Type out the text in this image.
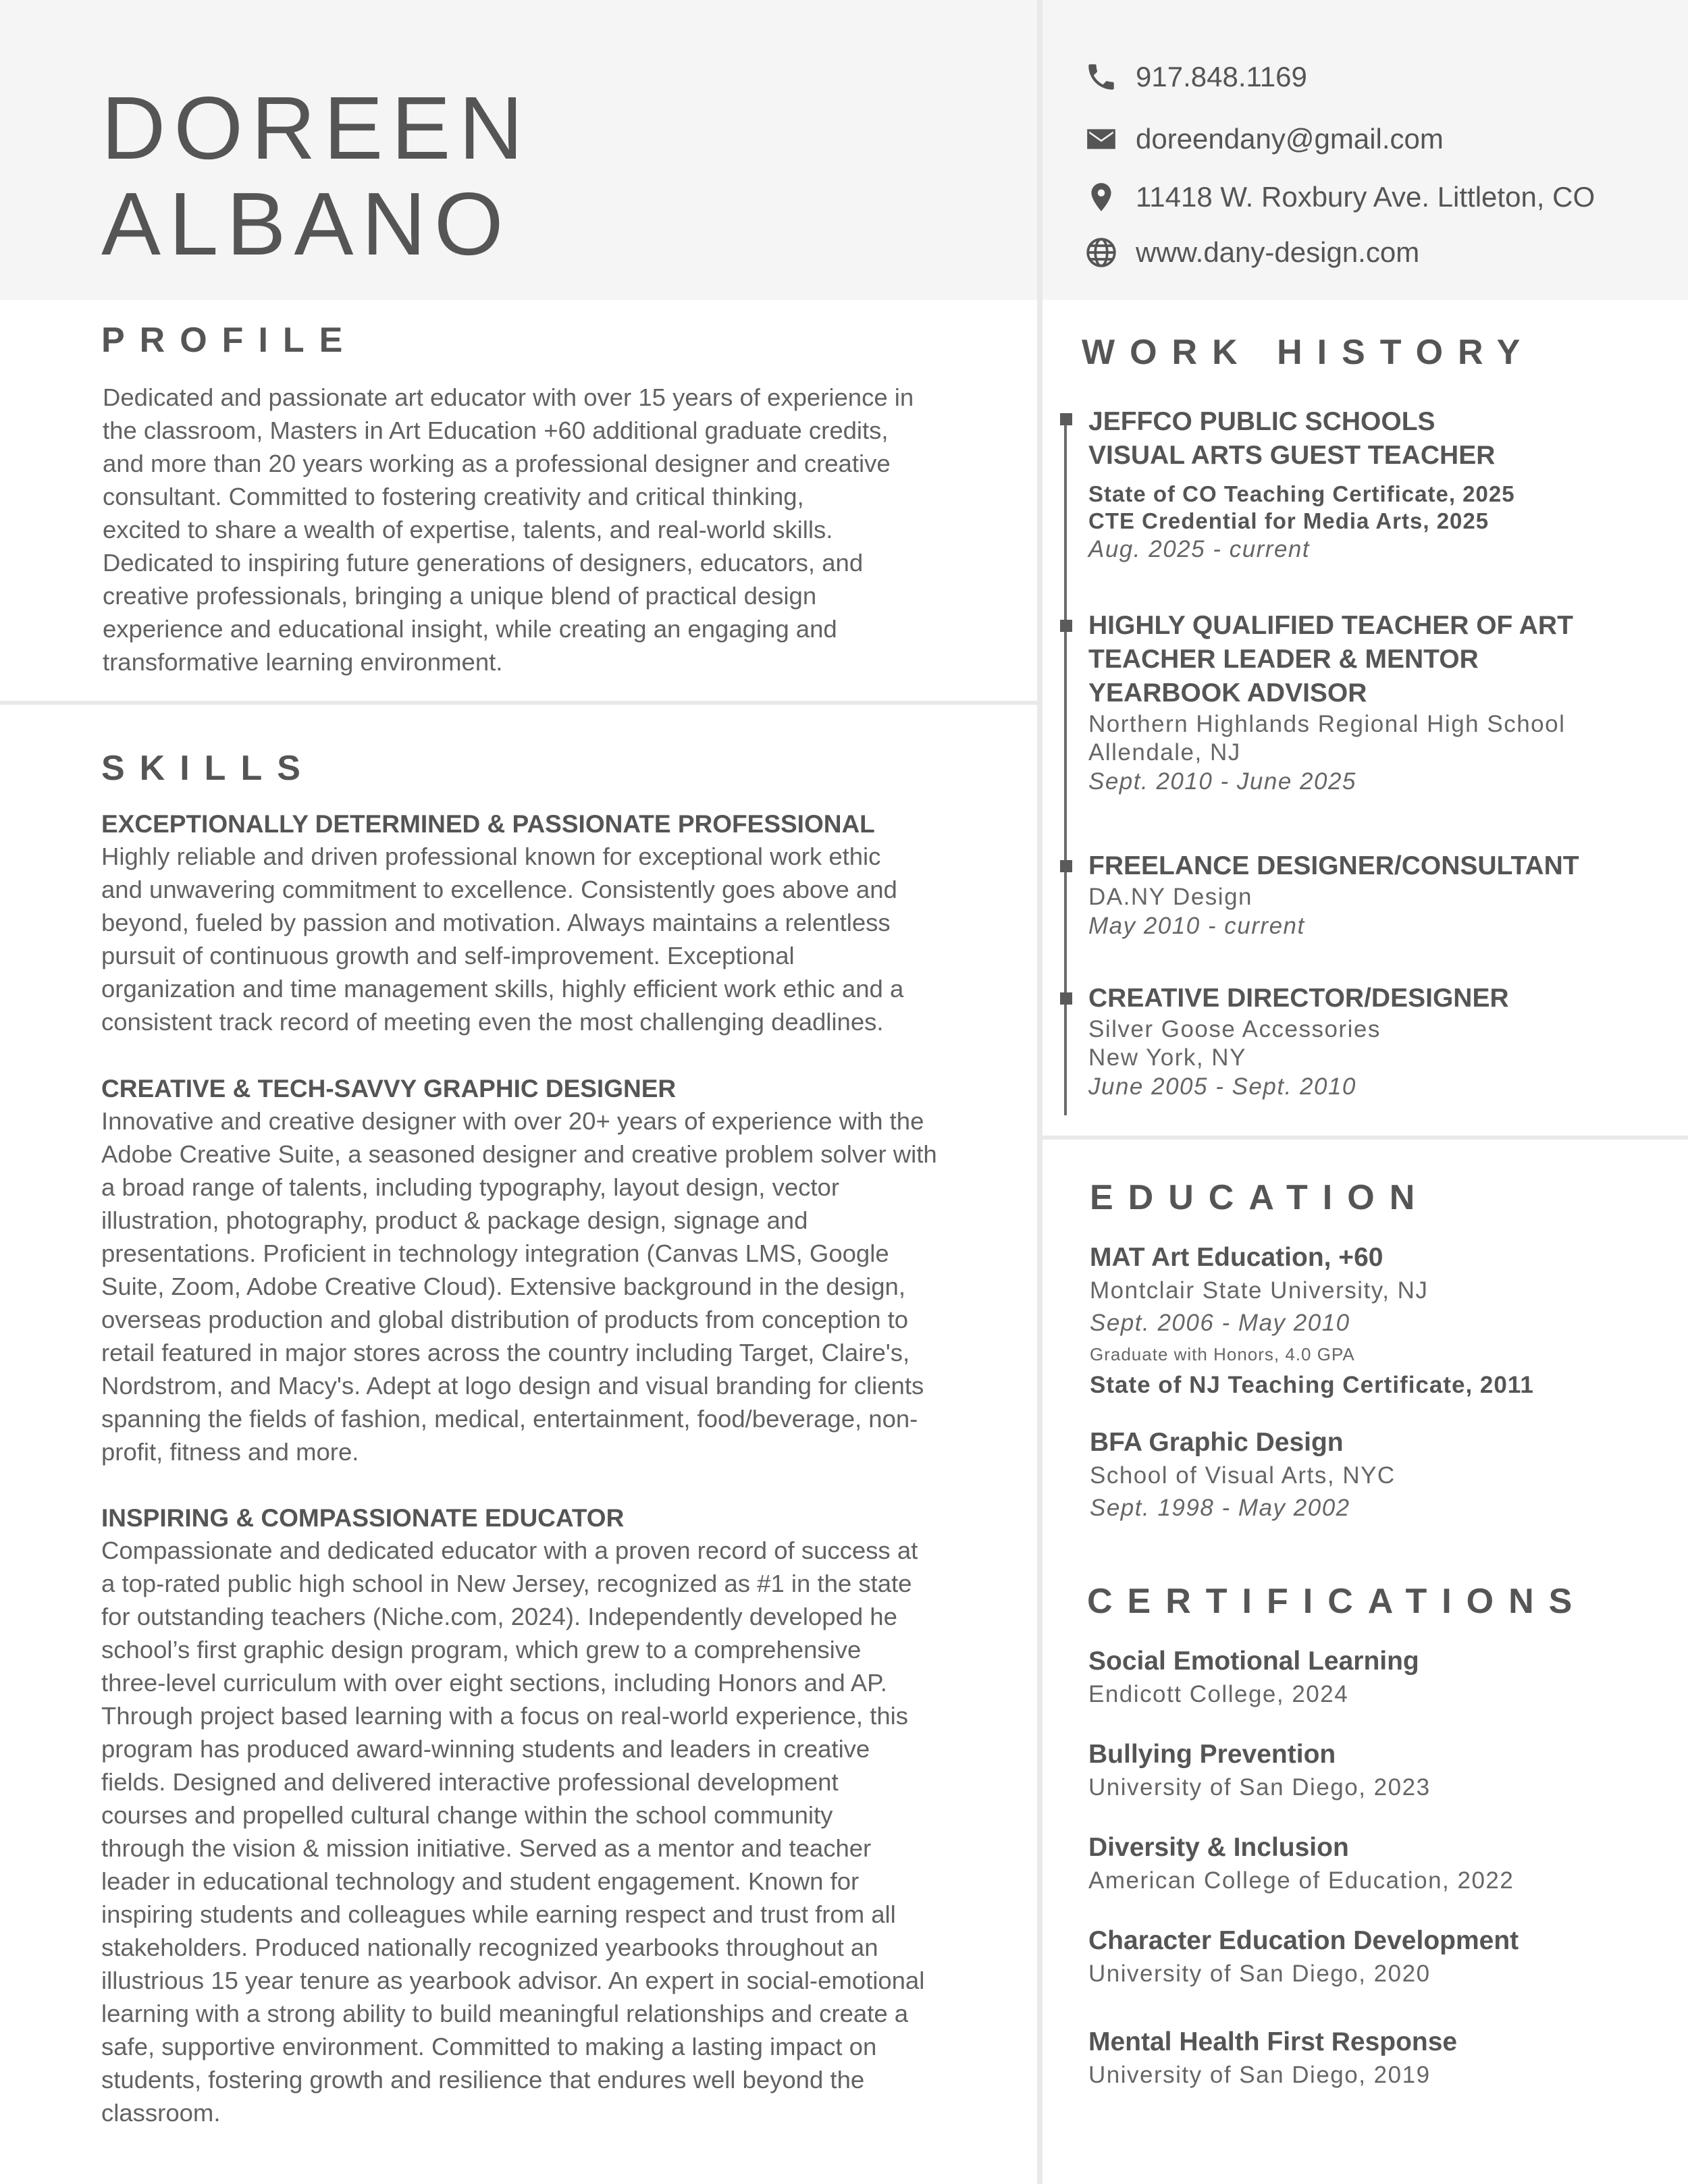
DOREEN
ALBANO
917.848.1169
doreendany@gmail.com
11418 W. Roxbury Ave. Littleton, CO
www.dany-design.com
PROFILE
Dedicated and passionate art educator with over 15 years of experience in
the classroom, Masters in Art Education +60 additional graduate credits,
and more than 20 years working as a professional designer and creative
consultant. Committed to fostering creativity and critical thinking,
excited to share a wealth of expertise, talents, and real-world skills.
Dedicated to inspiring future generations of designers, educators, and
creative professionals, bringing a unique blend of practical design
experience and educational insight, while creating an engaging and
transformative learning environment.
SKILLS
EXCEPTIONALLY DETERMINED & PASSIONATE PROFESSIONAL
Highly reliable and driven professional known for exceptional work ethic
and unwavering commitment to excellence. Consistently goes above and
beyond, fueled by passion and motivation. Always maintains a relentless
pursuit of continuous growth and self-improvement. Exceptional
organization and time management skills, highly efficient work ethic and a
consistent track record of meeting even the most challenging deadlines.
CREATIVE & TECH-SAVVY GRAPHIC DESIGNER
Innovative and creative designer with over 20+ years of experience with the
Adobe Creative Suite, a seasoned designer and creative problem solver with
a broad range of talents, including typography, layout design, vector
illustration, photography, product & package design, signage and
presentations. Proficient in technology integration (Canvas LMS, Google
Suite, Zoom, Adobe Creative Cloud). Extensive background in the design,
overseas production and global distribution of products from conception to
retail featured in major stores across the country including Target, Claire's,
Nordstrom, and Macy's. Adept at logo design and visual branding for clients
spanning the fields of fashion, medical, entertainment, food/beverage, non-
profit, fitness and more.
INSPIRING & COMPASSIONATE EDUCATOR
Compassionate and dedicated educator with a proven record of success at
a top-rated public high school in New Jersey, recognized as #1 in the state
for outstanding teachers (Niche.com, 2024). Independently developed he
school’s first graphic design program, which grew to a comprehensive
three-level curriculum with over eight sections, including Honors and AP.
Through project based learning with a focus on real-world experience, this
program has produced award-winning students and leaders in creative
fields. Designed and delivered interactive professional development
courses and propelled cultural change within the school community
through the vision & mission initiative. Served as a mentor and teacher
leader in educational technology and student engagement. Known for
inspiring students and colleagues while earning respect and trust from all
stakeholders. Produced nationally recognized yearbooks throughout an
illustrious 15 year tenure as yearbook advisor. An expert in social-emotional
learning with a strong ability to build meaningful relationships and create a
safe, supportive environment. Committed to making a lasting impact on
students, fostering growth and resilience that endures well beyond the
classroom.
WORK HISTORY
JEFFCO PUBLIC SCHOOLS
VISUAL ARTS GUEST TEACHER
State of CO Teaching Certificate, 2025
CTE Credential for Media Arts, 2025
Aug. 2025 - current
HIGHLY QUALIFIED TEACHER OF ART
TEACHER LEADER & MENTOR
YEARBOOK ADVISOR
Northern Highlands Regional High School
Allendale, NJ
Sept. 2010 - June 2025
FREELANCE DESIGNER/CONSULTANT
DA.NY Design
May 2010 - current
CREATIVE DIRECTOR/DESIGNER
Silver Goose Accessories
New York, NY
June 2005 - Sept. 2010
EDUCATION
MAT Art Education, +60
Montclair State University, NJ
Sept. 2006 - May 2010
Graduate with Honors, 4.0 GPA
State of NJ Teaching Certificate, 2011
BFA Graphic Design
School of Visual Arts, NYC
Sept. 1998 - May 2002
CERTIFICATIONS
Social Emotional Learning
Endicott College, 2024
Bullying Prevention
University of San Diego, 2023
Diversity & Inclusion
American College of Education, 2022
Character Education Development
University of San Diego, 2020
Mental Health First Response
University of San Diego, 2019
